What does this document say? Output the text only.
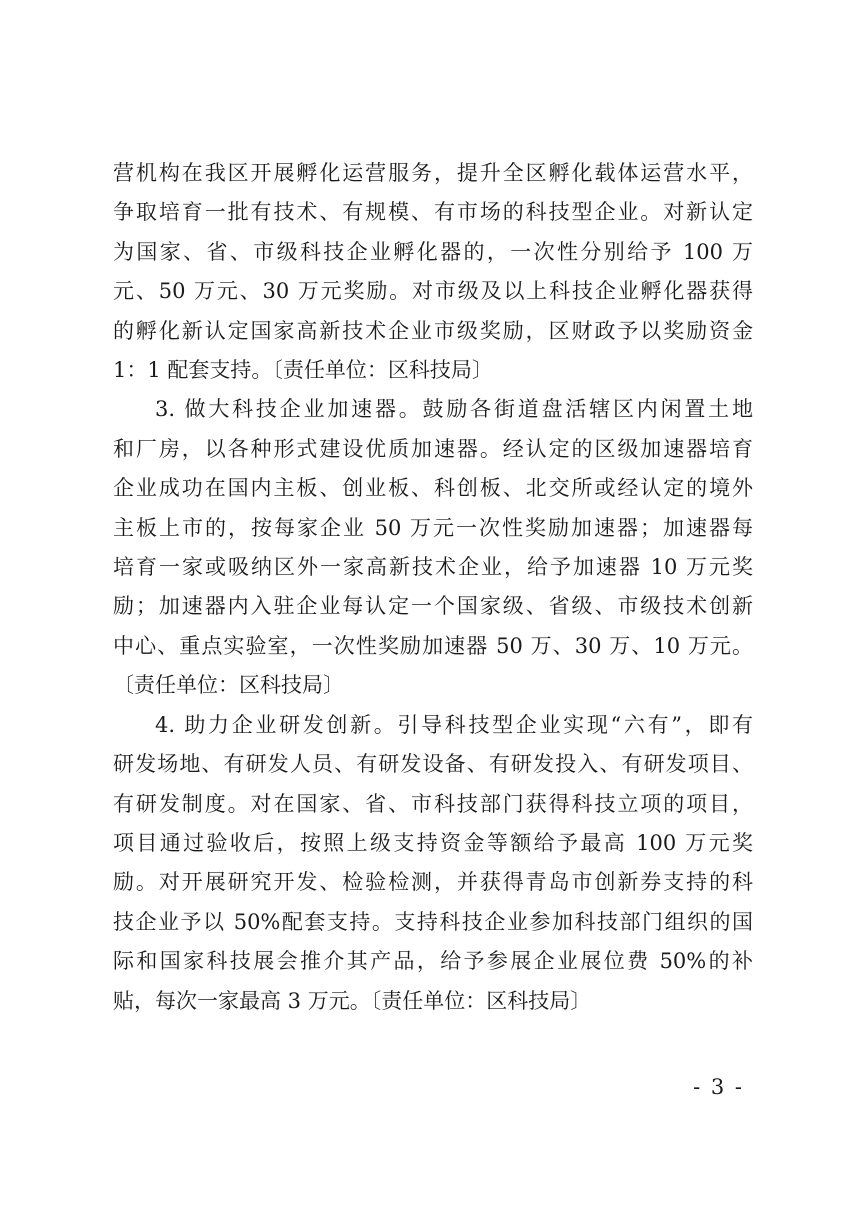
营机构在我区开展孵化运营服务，提升全区孵化载体运营水平，
争取培育一批有技术、有规模、有市场的科技型企业。对新认定
为国家、省、市级科技企业孵化器的，一次性分别给予 100 万
元、50 万元、30 万元奖励。对市级及以上科技企业孵化器获得
的孵化新认定国家高新技术企业市级奖励，区财政予以奖励资金
1：1 配套支持。〔责任单位：区科技局〕

3. 做大科技企业加速器。鼓励各街道盘活辖区内闲置土地
和厂房，以各种形式建设优质加速器。经认定的区级加速器培育
企业成功在国内主板、创业板、科创板、北交所或经认定的境外
主板上市的，按每家企业 50 万元一次性奖励加速器；加速器每
培育一家或吸纳区外一家高新技术企业，给予加速器 10 万元奖
励；加速器内入驻企业每认定一个国家级、省级、市级技术创新
中心、重点实验室，一次性奖励加速器 50 万、30 万、10 万元。
〔责任单位：区科技局〕

4. 助力企业研发创新。引导科技型企业实现“六有”，即有
研发场地、有研发人员、有研发设备、有研发投入、有研发项目、
有研发制度。对在国家、省、市科技部门获得科技立项的项目，
项目通过验收后，按照上级支持资金等额给予最高 100 万元奖
励。对开展研究开发、检验检测，并获得青岛市创新券支持的科
技企业予以 50%配套支持。支持科技企业参加科技部门组织的国
际和国家科技展会推介其产品，给予参展企业展位费 50%的补
贴，每次一家最高 3 万元。〔责任单位：区科技局〕

- 3 -
